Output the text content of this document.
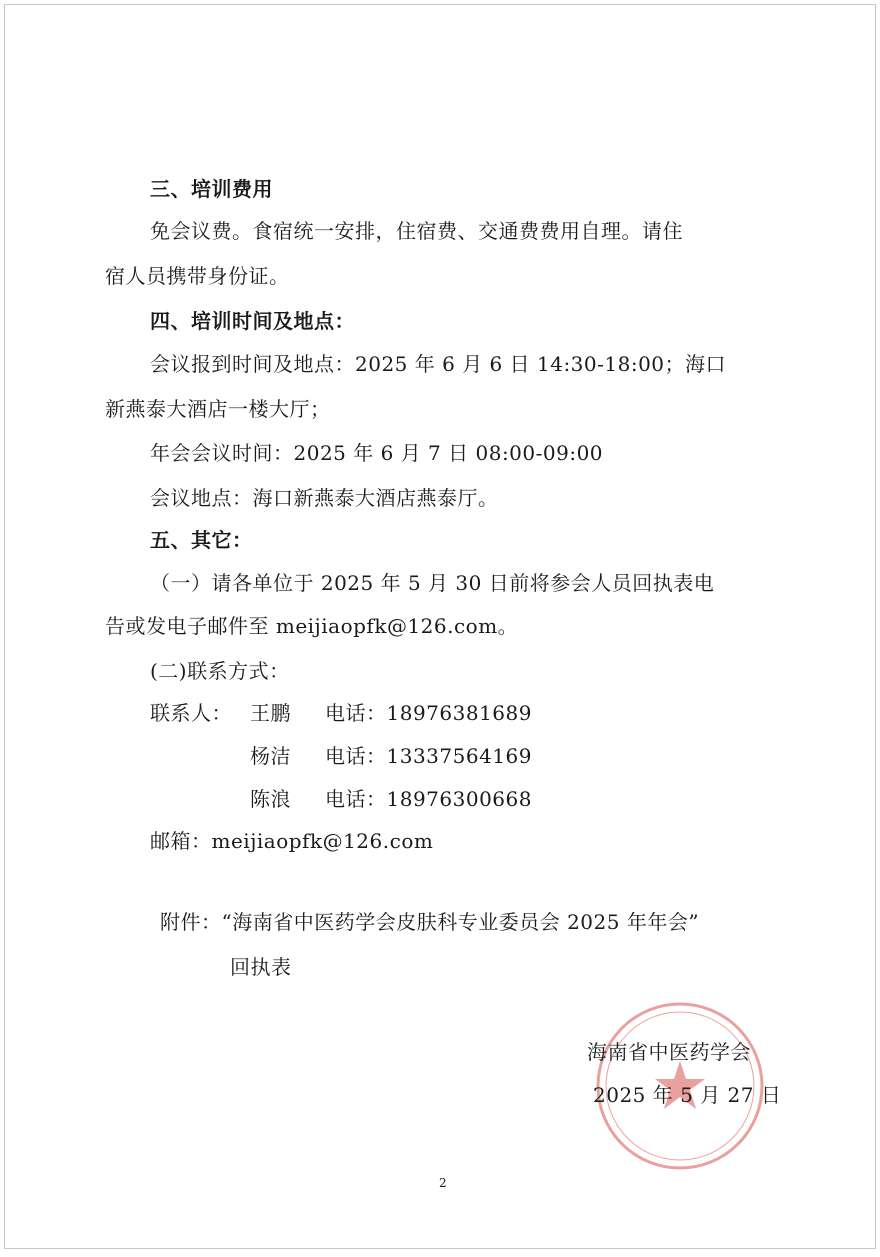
三、培训费用
免会议费。食宿统一安排，住宿费、交通费费用自理。请住
宿人员携带身份证。
四、培训时间及地点：
会议报到时间及地点：2025 年 6 月 6 日 14:30-18:00；海口
新燕泰大酒店一楼大厅；
年会会议时间：2025 年 6 月 7 日 08:00-09:00
会议地点：海口新燕泰大酒店燕泰厅。
五、其它：
（一）请各单位于 2025 年 5 月 30 日前将参会人员回执表电
告或发电子邮件至 meijiaopfk@126.com。
(二)联系方式：
联系人： 王鹏 电话：18976381689
杨洁 电话：13337564169
陈浪 电话：18976300668
邮箱：meijiaopfk@126.com
附件：“海南省中医药学会皮肤科专业委员会 2025 年年会”
回执表
海南省中医药学会
2025 年 5 月 27 日
2
